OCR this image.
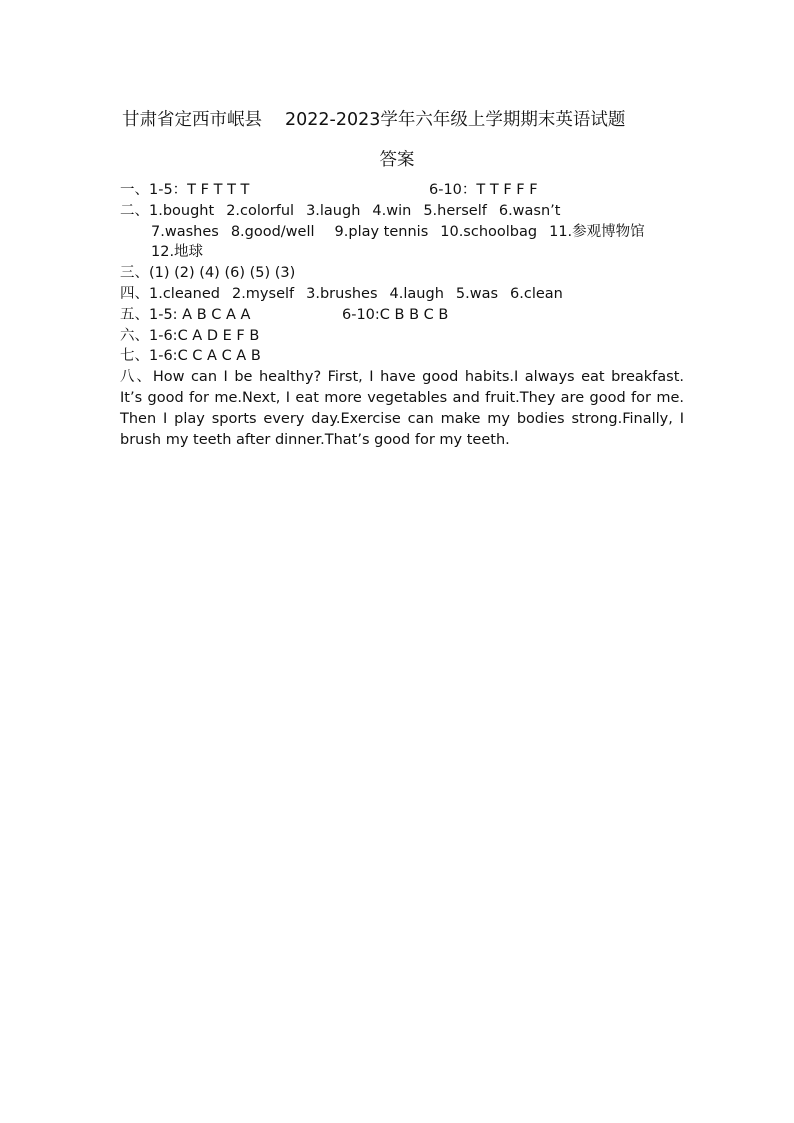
甘肃省定西市岷县 2022-2023学年六年级上学期期末英语试题
答案
一、1-5：T F T T T	6-10：T T F F F
二、1.bought 2.colorful 3.laugh 4.win 5.herself 6.wasn’t
7.washes 8.good/well 9.play tennis 10.schoolbag 11.参观博物馆
12.地球
三、(1) (2) (4) (6) (5) (3)
四、1.cleaned 2.myself 3.brushes 4.laugh 5.was 6.clean
五、1-5: A B C A A	6-10:C B B C B
六、1-6:C A D E F B
七、1-6:C C A C A B
八、How can I be healthy? First, I have good habits.I always eat breakfast. It’s good for me.Next, I eat more vegetables and fruit.They are good for me. Then I play sports every day.Exercise can make my bodies strong.Finally, I brush my teeth after dinner.That’s good for my teeth.
